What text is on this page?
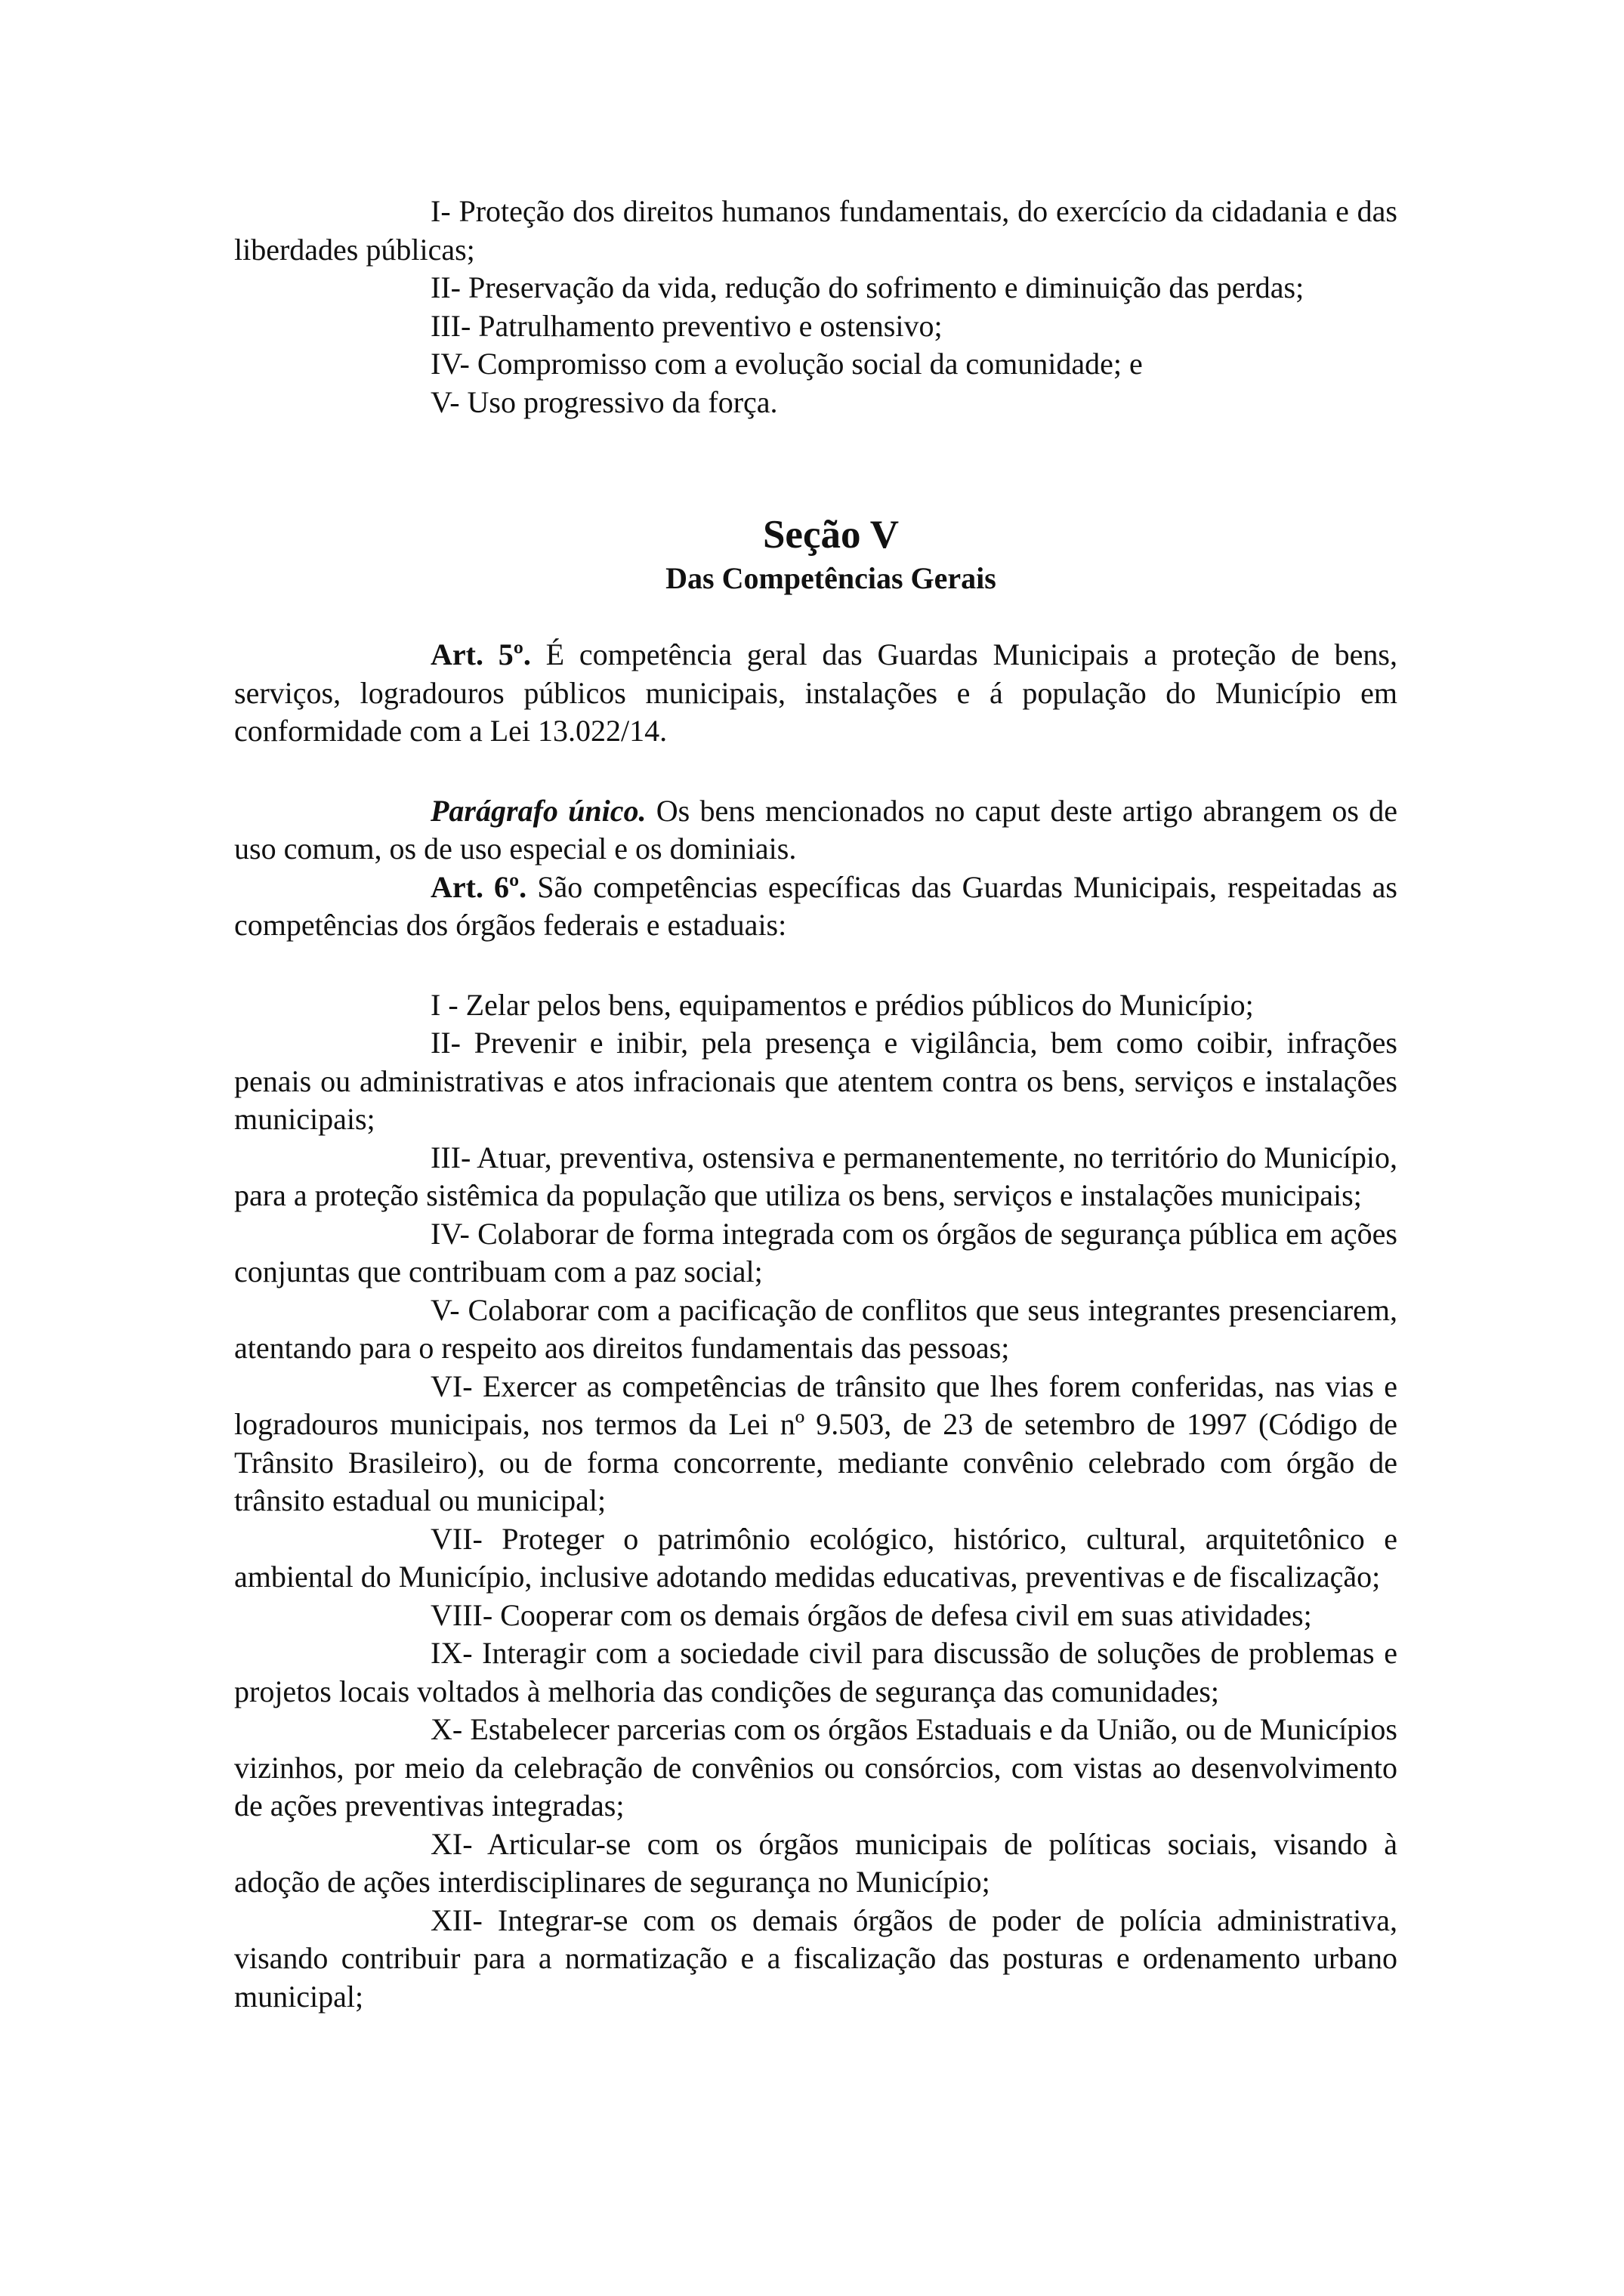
I- Proteção dos direitos humanos fundamentais, do exercício da cidadania e das liberdades públicas;

II- Preservação da vida, redução do sofrimento e diminuição das perdas;

III- Patrulhamento preventivo e ostensivo;

IV- Compromisso com a evolução social da comunidade; e

V- Uso progressivo da força.

Seção V
Das Competências Gerais

Art. 5º. É competência geral das Guardas Municipais a proteção de bens, serviços, logradouros públicos municipais, instalações e á população do Município em conformidade com a Lei 13.022/14.

Parágrafo único. Os bens mencionados no caput deste artigo abrangem os de uso comum, os de uso especial e os dominiais.

Art. 6º. São competências específicas das Guardas Municipais, respeitadas as competências dos órgãos federais e estaduais:

I - Zelar pelos bens, equipamentos e prédios públicos do Município;

II- Prevenir e inibir, pela presença e vigilância, bem como coibir, infrações penais ou administrativas e atos infracionais que atentem contra os bens, serviços e instalações municipais;

III- Atuar, preventiva, ostensiva e permanentemente, no território do Município, para a proteção sistêmica da população que utiliza os bens, serviços e instalações municipais;

IV- Colaborar de forma integrada com os órgãos de segurança pública em ações conjuntas que contribuam com a paz social;

V- Colaborar com a pacificação de conflitos que seus integrantes presenciarem, atentando para o respeito aos direitos fundamentais das pessoas;

VI- Exercer as competências de trânsito que lhes forem conferidas, nas vias e logradouros municipais, nos termos da Lei nº 9.503, de 23 de setembro de 1997 (Código de Trânsito Brasileiro), ou de forma concorrente, mediante convênio celebrado com órgão de trânsito estadual ou municipal;

VII- Proteger o patrimônio ecológico, histórico, cultural, arquitetônico e ambiental do Município, inclusive adotando medidas educativas, preventivas e de fiscalização;

VIII- Cooperar com os demais órgãos de defesa civil em suas atividades;

IX- Interagir com a sociedade civil para discussão de soluções de problemas e projetos locais voltados à melhoria das condições de segurança das comunidades;

X- Estabelecer parcerias com os órgãos Estaduais e da União, ou de Municípios vizinhos, por meio da celebração de convênios ou consórcios, com vistas ao desenvolvimento de ações preventivas integradas;

XI- Articular-se com os órgãos municipais de políticas sociais, visando à adoção de ações interdisciplinares de segurança no Município;

XII- Integrar-se com os demais órgãos de poder de polícia administrativa, visando contribuir para a normatização e a fiscalização das posturas e ordenamento urbano municipal;
